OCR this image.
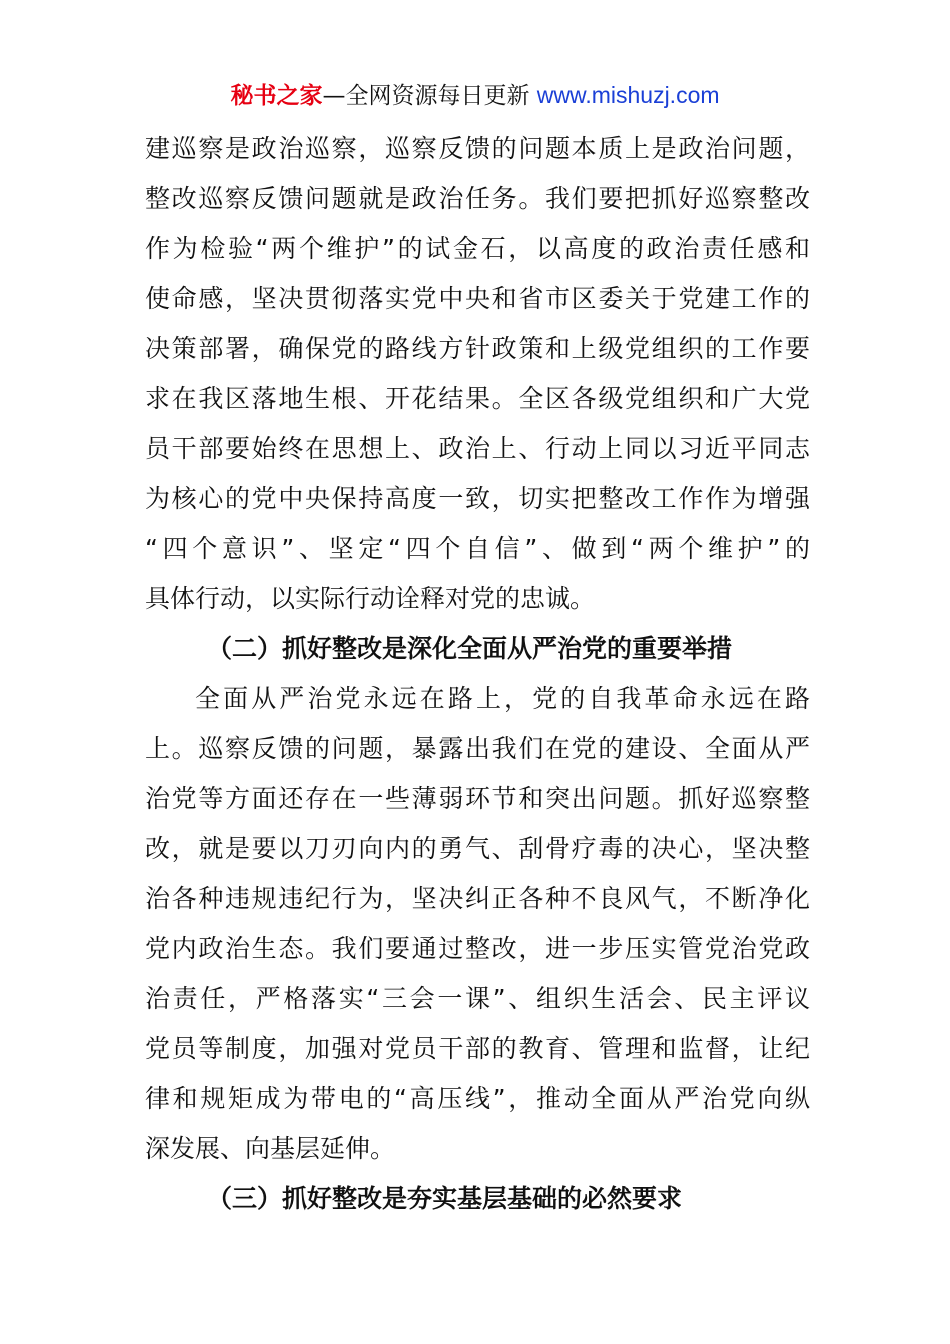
秘书之家—全网资源每日更新 www.mishuzj.com
建巡察是政治巡察，巡察反馈的问题本质上是政治问题，
整改巡察反馈问题就是政治任务。我们要把抓好巡察整改
作为检验“两个维护”的试金石，以高度的政治责任感和
使命感，坚决贯彻落实党中央和省市区委关于党建工作的
决策部署，确保党的路线方针政策和上级党组织的工作要
求在我区落地生根、开花结果。全区各级党组织和广大党
员干部要始终在思想上、政治上、行动上同以习近平同志
为核心的党中央保持高度一致，切实把整改工作作为增强
“四个意识”、坚定“四个自信”、做到“两个维护”的
具体行动，以实际行动诠释对党的忠诚。
（二）抓好整改是深化全面从严治党的重要举措
全面从严治党永远在路上，党的自我革命永远在路
上。巡察反馈的问题，暴露出我们在党的建设、全面从严
治党等方面还存在一些薄弱环节和突出问题。抓好巡察整
改，就是要以刀刃向内的勇气、刮骨疗毒的决心，坚决整
治各种违规违纪行为，坚决纠正各种不良风气，不断净化
党内政治生态。我们要通过整改，进一步压实管党治党政
治责任，严格落实“三会一课”、组织生活会、民主评议
党员等制度，加强对党员干部的教育、管理和监督，让纪
律和规矩成为带电的“高压线”，推动全面从严治党向纵
深发展、向基层延伸。
（三）抓好整改是夯实基层基础的必然要求
